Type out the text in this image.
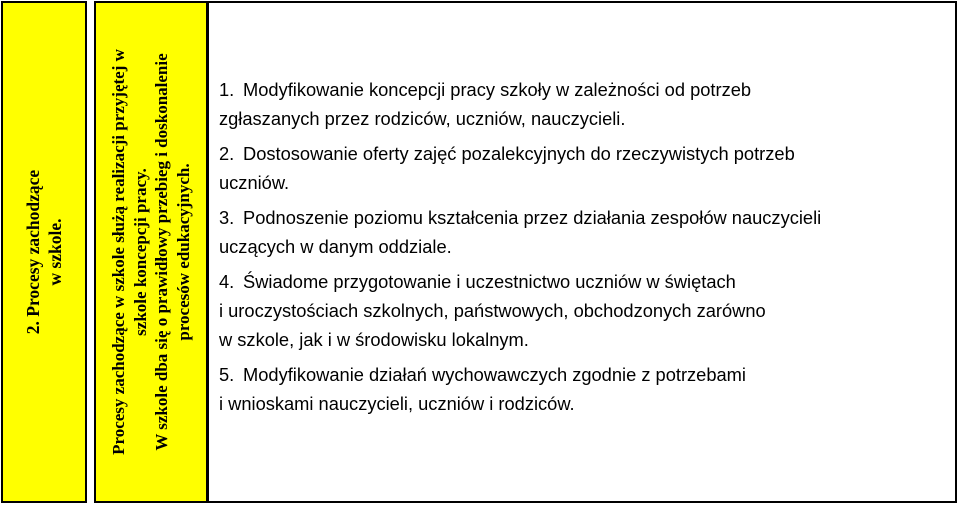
2. Procesy zachodzące w szkole.	Procesy zachodzące w szkole służą realizacji przyjętej w szkole koncepcji pracy. W szkole dba się o prawidłowy przebieg i doskonalenie procesów edukacyjnych.
1. Modyfikowanie koncepcji pracy szkoły w zależności od potrzeb
zgłaszanych przez rodziców, uczniów, nauczycieli.
2. Dostosowanie oferty zajęć pozalekcyjnych do rzeczywistych potrzeb
uczniów.
3. Podnoszenie poziomu kształcenia przez działania zespołów nauczycieli
uczących w danym oddziale.
4. Świadome przygotowanie i uczestnictwo uczniów w świętach
i uroczystościach szkolnych, państwowych, obchodzonych zarówno
w szkole, jak i w środowisku lokalnym.
5. Modyfikowanie działań wychowawczych zgodnie z potrzebami
i wnioskami nauczycieli, uczniów i rodziców.
